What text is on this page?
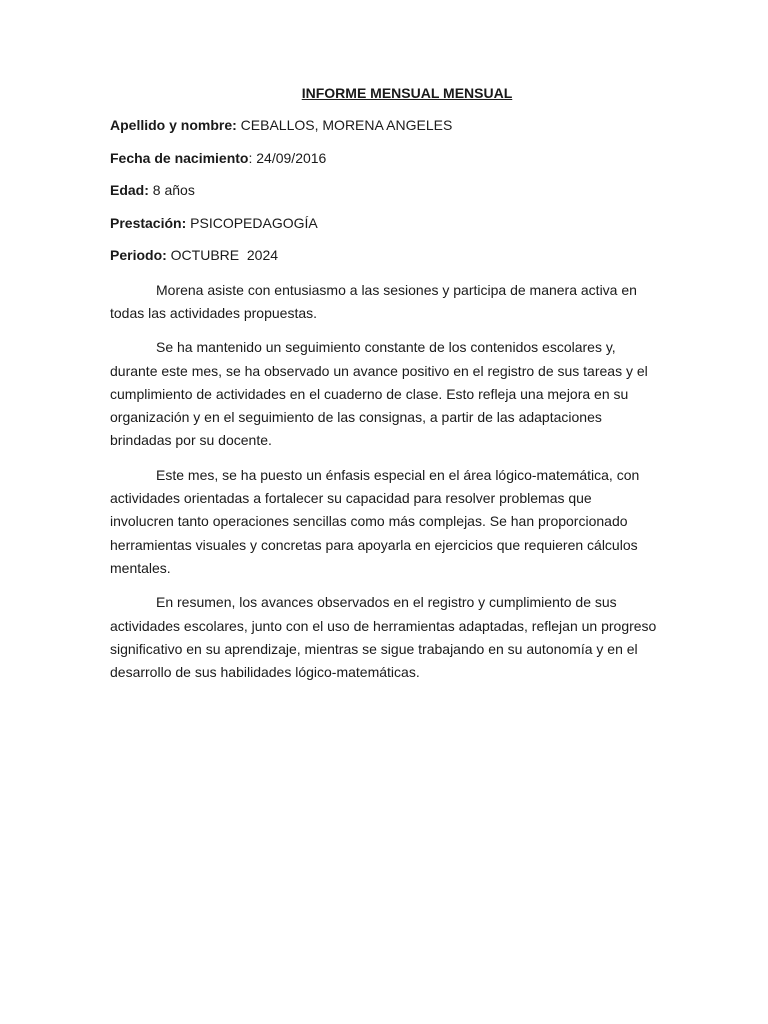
INFORME MENSUAL MENSUAL
Apellido y nombre: CEBALLOS, MORENA ANGELES
Fecha de nacimiento: 24/09/2016
Edad: 8 años
Prestación: PSICOPEDAGOGÍA
Periodo: OCTUBRE  2024

Morena asiste con entusiasmo a las sesiones y participa de manera activa en todas las actividades propuestas.

Se ha mantenido un seguimiento constante de los contenidos escolares y, durante este mes, se ha observado un avance positivo en el registro de sus tareas y el cumplimiento de actividades en el cuaderno de clase. Esto refleja una mejora en su organización y en el seguimiento de las consignas, a partir de las adaptaciones brindadas por su docente.

Este mes, se ha puesto un énfasis especial en el área lógico-matemática, con actividades orientadas a fortalecer su capacidad para resolver problemas que involucren tanto operaciones sencillas como más complejas. Se han proporcionado herramientas visuales y concretas para apoyarla en ejercicios que requieren cálculos mentales.

En resumen, los avances observados en el registro y cumplimiento de sus actividades escolares, junto con el uso de herramientas adaptadas, reflejan un progreso significativo en su aprendizaje, mientras se sigue trabajando en su autonomía y en el desarrollo de sus habilidades lógico-matemáticas.
